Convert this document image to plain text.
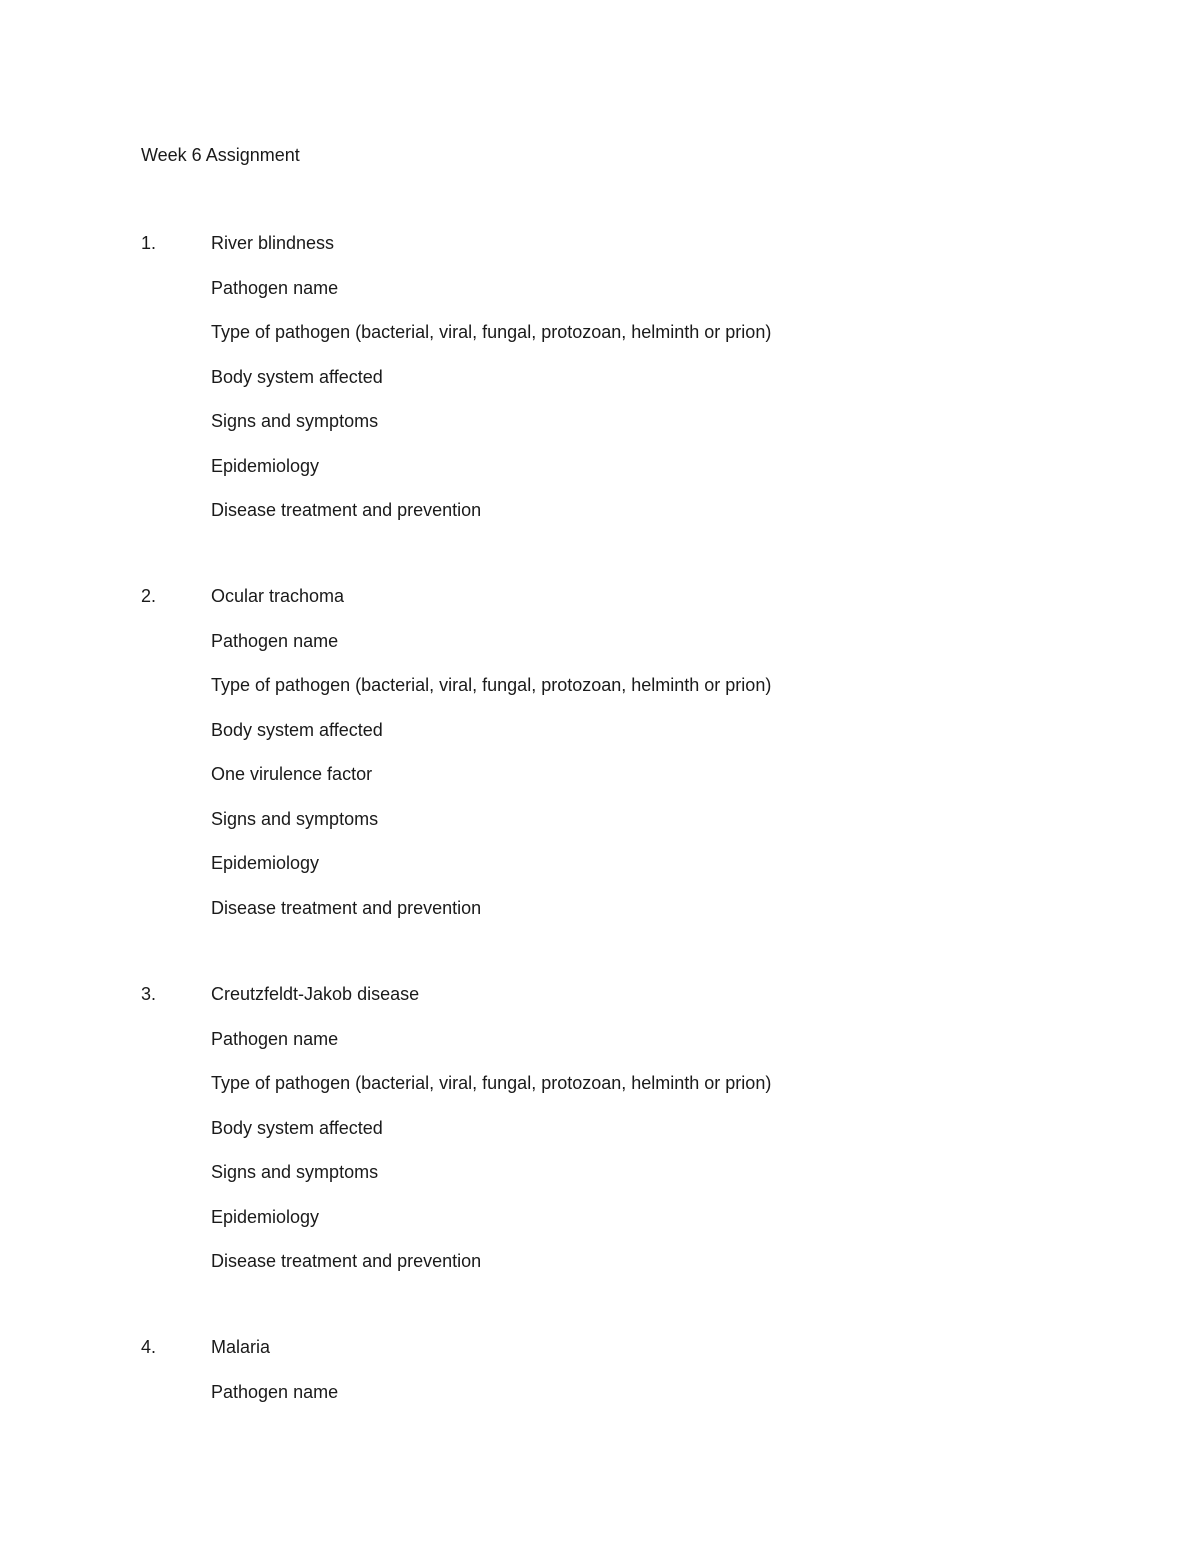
Week 6 Assignment
1.	River blindness
Pathogen name
Type of pathogen (bacterial, viral, fungal, protozoan, helminth or prion)
Body system affected
Signs and symptoms
Epidemiology
Disease treatment and prevention
2.	Ocular trachoma
Pathogen name
Type of pathogen (bacterial, viral, fungal, protozoan, helminth or prion)
Body system affected
One virulence factor
Signs and symptoms
Epidemiology
Disease treatment and prevention
3.	Creutzfeldt-Jakob disease
Pathogen name
Type of pathogen (bacterial, viral, fungal, protozoan, helminth or prion)
Body system affected
Signs and symptoms
Epidemiology
Disease treatment and prevention
4.	Malaria
Pathogen name
